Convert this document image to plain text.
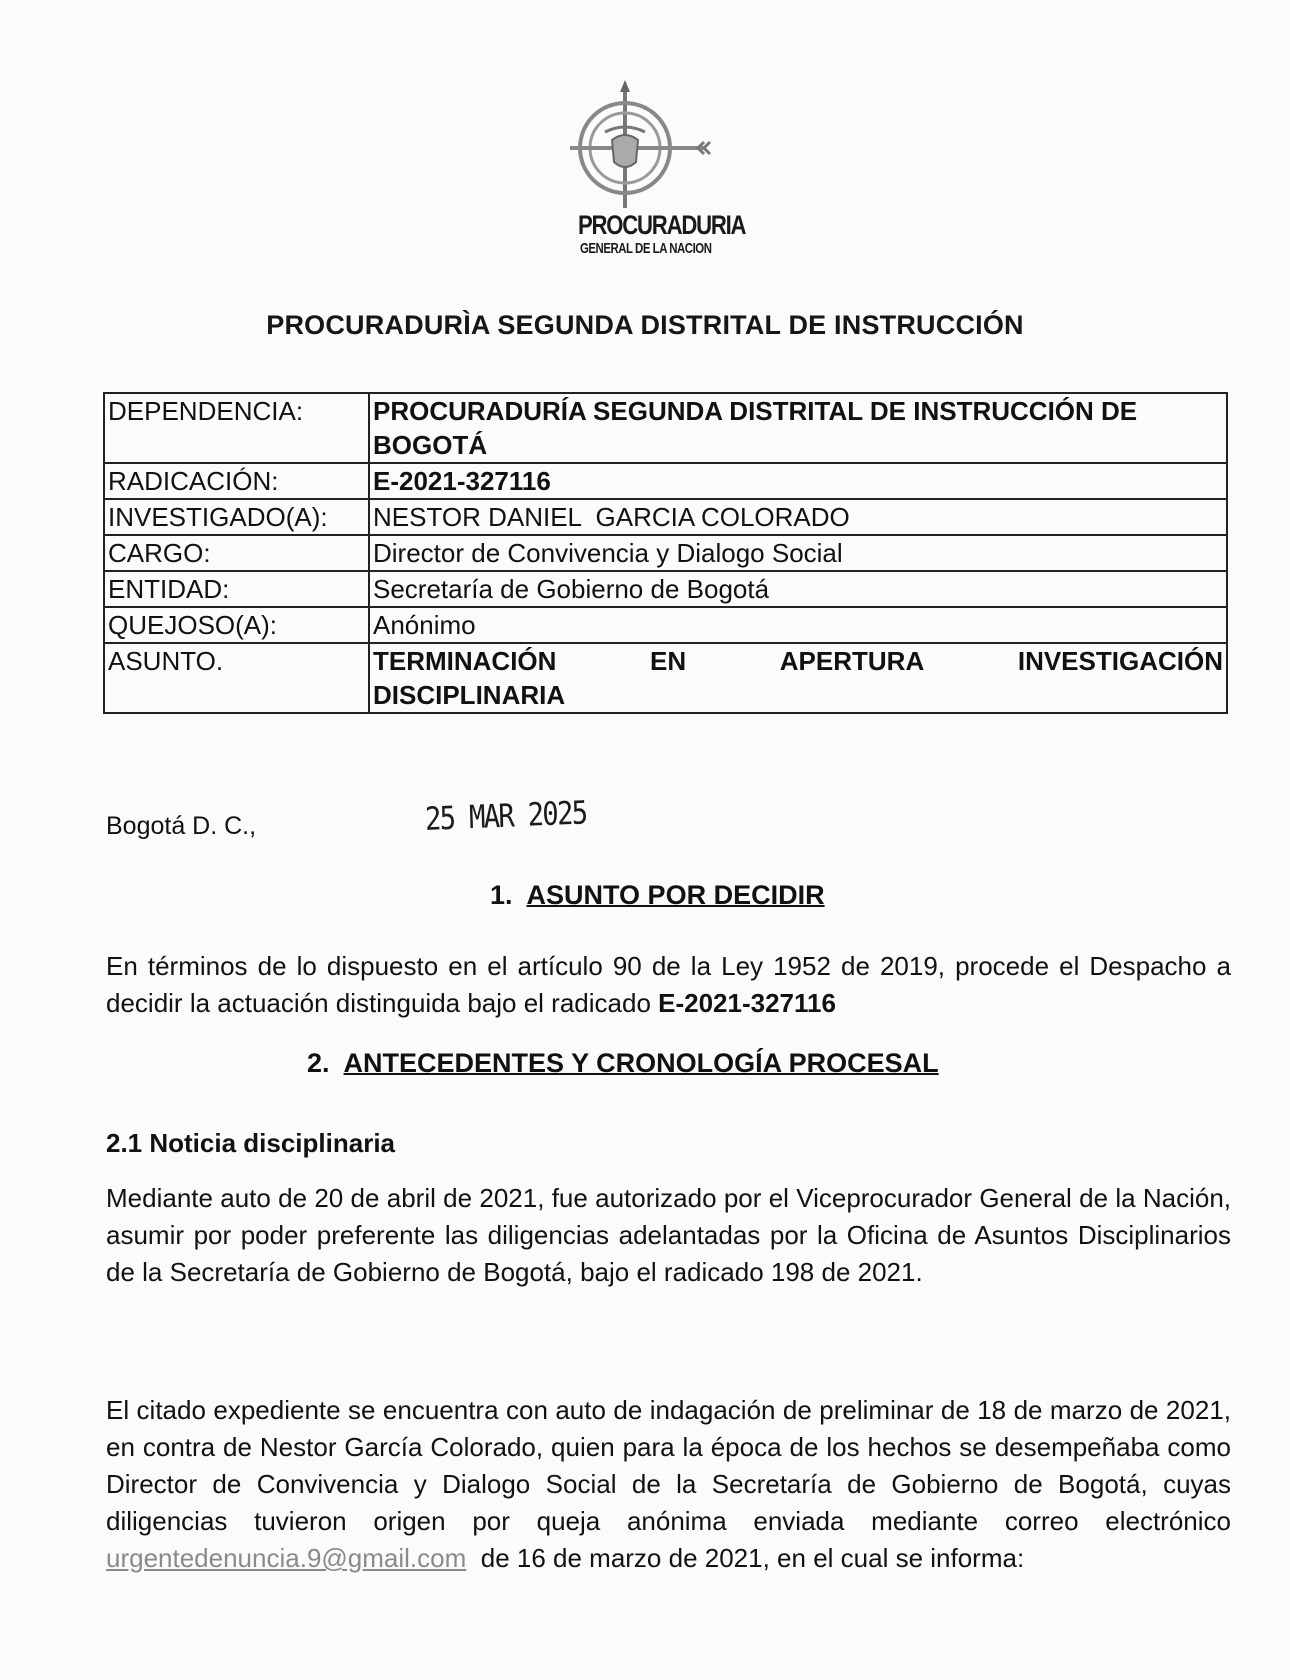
PROCURADURIA
GENERAL DE LA NACION
PROCURADURÌA SEGUNDA DISTRITAL DE INSTRUCCIÓN
DEPENDENCIA:	PROCURADURÍA SEGUNDA DISTRITAL DE INSTRUCCIÓN DE BOGOTÁ
RADICACIÓN:	E-2021-327116
INVESTIGADO(A):	NESTOR DANIEL  GARCIA COLORADO
CARGO:	Director de Convivencia y Dialogo Social
ENTIDAD:	Secretaría de Gobierno de Bogotá
QUEJOSO(A):	Anónimo
ASUNTO.	TERMINACIÓN EN APERTURA INVESTIGACIÓN
DISCIPLINARIA
Bogotá D. C.,	25 MAR 2025
1. ASUNTO POR DECIDIR
En términos de lo dispuesto en el artículo 90 de la Ley 1952 de 2019, procede el Despacho a decidir la actuación distinguida bajo el radicado E-2021-327116
2. ANTECEDENTES Y CRONOLOGÍA PROCESAL
2.1 Noticia disciplinaria
Mediante auto de 20 de abril de 2021, fue autorizado por el Viceprocurador General de la Nación, asumir por poder preferente las diligencias adelantadas por la Oficina de Asuntos Disciplinarios de la Secretaría de Gobierno de Bogotá, bajo el radicado 198 de 2021.
El citado expediente se encuentra con auto de indagación de preliminar de 18 de marzo de 2021, en contra de Nestor García Colorado, quien para la época de los hechos se desempeñaba como Director de Convivencia y Dialogo Social de la Secretaría de Gobierno de Bogotá, cuyas diligencias tuvieron origen por queja anónima enviada mediante correo electrónico urgentedenuncia.9@gmail.com  de 16 de marzo de 2021, en el cual se informa:
